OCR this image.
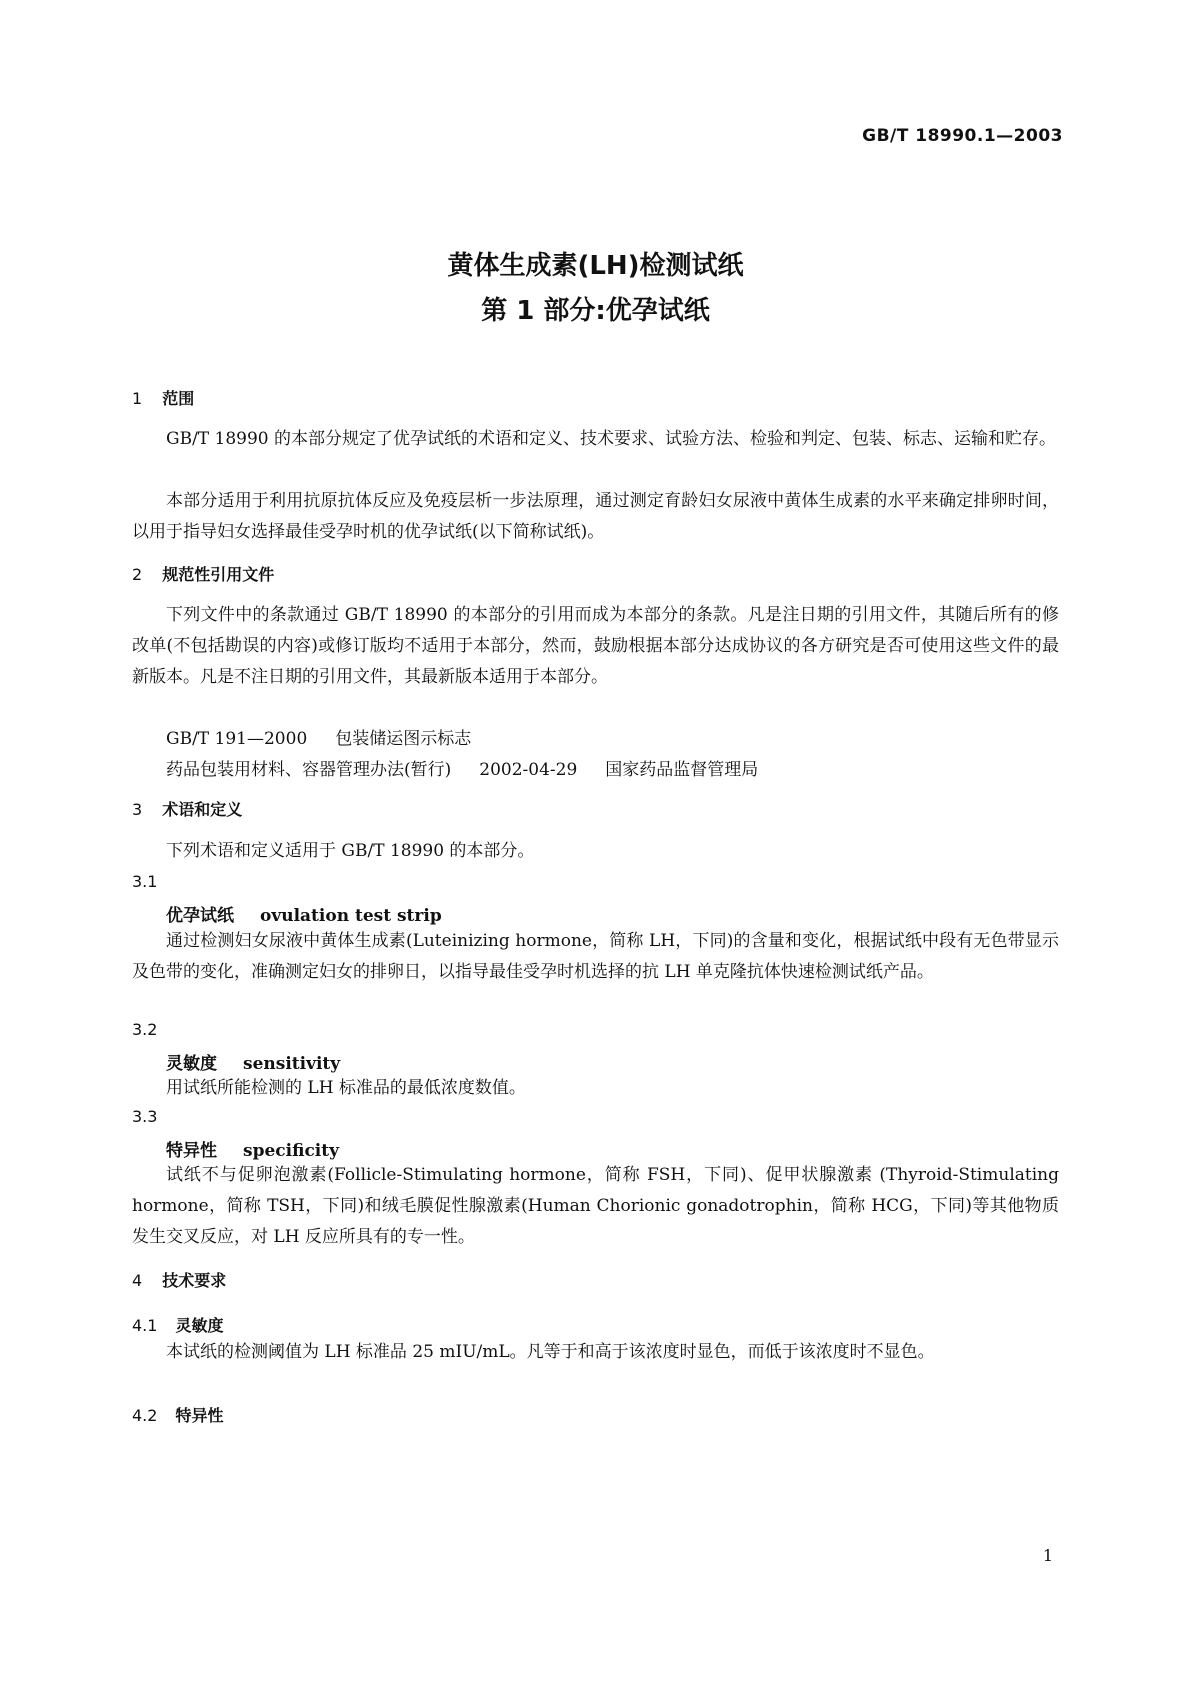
GB/T 18990.1—2003
黄体生成素(LH)检测试纸
第 1 部分:优孕试纸
1 范围

GB/T 18990 的本部分规定了优孕试纸的术语和定义、技术要求、试验方法、检验和判定、包装、标志、运输和贮存。

本部分适用于利用抗原抗体反应及免疫层析一步法原理，通过测定育龄妇女尿液中黄体生成素的水平来确定排卵时间，以用于指导妇女选择最佳受孕时机的优孕试纸(以下简称试纸)。

2 规范性引用文件

下列文件中的条款通过 GB/T 18990 的本部分的引用而成为本部分的条款。凡是注日期的引用文件，其随后所有的修改单(不包括勘误的内容)或修订版均不适用于本部分，然而，鼓励根据本部分达成协议的各方研究是否可使用这些文件的最新版本。凡是不注日期的引用文件，其最新版本适用于本部分。

GB/T 191—2000 包装储运图示标志
药品包装用材料、容器管理办法(暂行) 2002-04-29 国家药品监督管理局
3 术语和定义

下列术语和定义适用于 GB/T 18990 的本部分。

3.1
优孕试纸 ovulation test strip

通过检测妇女尿液中黄体生成素(Luteinizing hormone，简称 LH，下同)的含量和变化，根据试纸中段有无色带显示及色带的变化，准确测定妇女的排卵日，以指导最佳受孕时机选择的抗 LH 单克隆抗体快速检测试纸产品。

3.2
灵敏度 sensitivity

用试纸所能检测的 LH 标准品的最低浓度数值。

3.3
特异性 specificity

试纸不与促卵泡激素(Follicle-Stimulating hormone，简称 FSH，下同)、促甲状腺激素 (Thyroid-Stimulating hormone，简称 TSH，下同)和绒毛膜促性腺激素(Human Chorionic gonadotrophin，简称 HCG，下同)等其他物质发生交叉反应，对 LH 反应所具有的专一性。

4 技术要求
4.1 灵敏度

本试纸的检测阈值为 LH 标准品 25 mIU/mL。凡等于和高于该浓度时显色，而低于该浓度时不显色。

4.2 特异性
1
